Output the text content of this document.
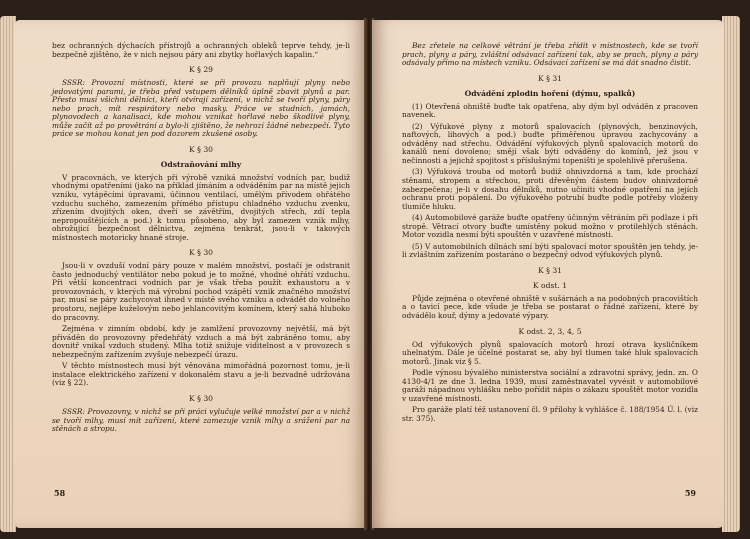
bez ochranných dýchacích přístrojů a ochranných obleků teprve tehdy, je-li bezpečně zjištěno, že v nich nejsou páry ani zbytky hořlavých kapalin.“

K § 29

SSSR: Provozní místnosti, které se při provozu naplňují plyny nebo jedovatými parami, je třeba před vstupem dělníků úplně zbavit plynů a par. Přesto musí všichni dělníci, kteří otvírají zařízení, v nichž se tvoří plyny, páry nebo prach, mít respirátory nebo masky. Práce ve studních, jamách, plynovodech a kanalisaci, kde mohou vznikat hořlavé nebo škodlivé plyny, může začít až po provětrání a bylo-li zjištěno, že nehrozí žádné nebezpečí. Tyto práce se mohou konat jen pod dozorem zkušené osoby.

K § 30
Odstraňování mlhy

V pracovnách, ve kterých při výrobě vzniká množství vodních par, budiž vhodnými opatřeními (jako na příklad jímáním a odváděním par na místě jejich vzniku, vytápěcími úpravami, účinnou ventilací, umělým přívodem ohřátého vzduchu suchého, zamezením přímého přístupu chladného vzduchu zvenku, zřízením dvojitých oken, dveří se závětřím, dvojitých střech, zdí tepla nepropouštějících a pod.) k tomu působeno, aby byl zamezen vznik mlhy, ohrožující bezpečnost dělnictva, zejména tenkrát, jsou-li v takových místnostech motoricky hnané stroje.

K § 30

Jsou-li v ovzduší vodní páry pouze v malém množství, postačí je odstranit často jednoduchý ventilátor nebo pokud je to možné, vhodné ohřátí vzduchu. Při větší koncentraci vodních par je však třeba použít exhaustoru a v provozovnách, v kterých má výrobní pochod vzápětí vznik značného množství par, musí se páry zachycovat ihned v místě svého vzniku a odvádět do volného prostoru, nejlépe kuželovým nebo jehlancovitým komínem, který sahá hluboko do pracovny.

Zejména v zimním období, kdy je zamlžení provozovny největší, má být přiváděn do provozovny předehřátý vzduch a má být zabráněno tomu, aby dovnitř vnikal vzduch studený. Mlha totiž snižuje viditelnost a v provozech s nebezpečným zařízením zvyšuje nebezpečí úrazu.

V těchto místnostech musí být věnována mimořádná pozornost tomu, je-li instalace elektrického zařízení v dokonalém stavu a je-li bezvadně udržována (viz § 22).

K § 30

SSSR: Provozovny, v nichž se při práci vylučuje velké množství par a v nichž se tvoří mlhy, musí mít zařízení, které zamezuje vznik mlhy a srážení par na stěnách a stropu.

58

Bez zřetele na celkové větrání je třeba zřídit v místnostech, kde se tvoří prach, plyny a páry, zvláštní odsávací zařízení tak, aby se prach, plyny a páry odsávaly přímo na místech vzniku. Odsávací zařízení se má dát snadno čistit.

K § 31
Odvádění zplodin hoření (dýmu, spalků)

(1) Otevřená ohniště buďte tak opatřena, aby dým byl odváděn z pracoven navenek.

(2) Výfukové plyny z motorů spalovacích (plynových, benzinových, naftových, lihových a pod.) buďte přiměřenou úpravou zachycovány a odváděny nad střechu. Odvádění výfukových plynů spalovacích motorů do kanálů není dovoleno; smějí však býti odváděny do komínů, jež jsou v nečinnosti a jejichž spojitost s příslušnými topeništi je spolehlivě přerušena.

(3) Výfuková trouba od motorů budiž ohnivzdorná a tam, kde prochází stěnami, stropem a střechou, proti dřevěným částem budov ohnivzdorně zabezpečena; je-li v dosahu dělníků, nutno učiniti vhodné opatření na jejích ochranu proti popálení. Do výfukového potrubí buďte podle potřeby vloženy tlumiče hluku.

(4) Automobilové garáže buďte opatřeny účinným větráním při podlaze i při stropě. Větrací otvory buďte umístěny pokud možno v protilehlých stěnách. Motor vozidla nesmí býti spouštěn v uzavřené místnosti.

(5) V automobilních dílnách smí býti spalovací motor spouštěn jen tehdy, je-li zvláštním zařízením postaráno o bezpečný odvod výfukových plynů.

K § 31
K odst. 1

Půjde zejména o otevřené ohniště v sušárnách a na podobných pracovištích a o tavicí pece, kde všude je třeba se postarat o řádné zařízení, které by odvádělo kouř, dýmy a jedovaté výpary.

K odst. 2, 3, 4, 5

Od výfukových plynů spalovacích motorů hrozí otrava kysličníkem uhelnatým. Dále je účelné postarat se, aby byl tlumen také hluk spalovacích motorů. Jinak viz § 5.

Podle výnosu bývalého ministerstva sociální a zdravotní správy, jedn. zn. O 4130-4/1 ze dne 3. ledna 1939, musí zaměstnavatel vyvésit v automobilové garáži nápadnou vyhlášku nebo pořídit nápis o zákazu spouštět motor vozidla v uzavřené místnosti.

Pro garáže platí též ustanovení čl. 9 přílohy k vyhlášce č. 188/1954 Ú. l. (viz str. 375).

59
